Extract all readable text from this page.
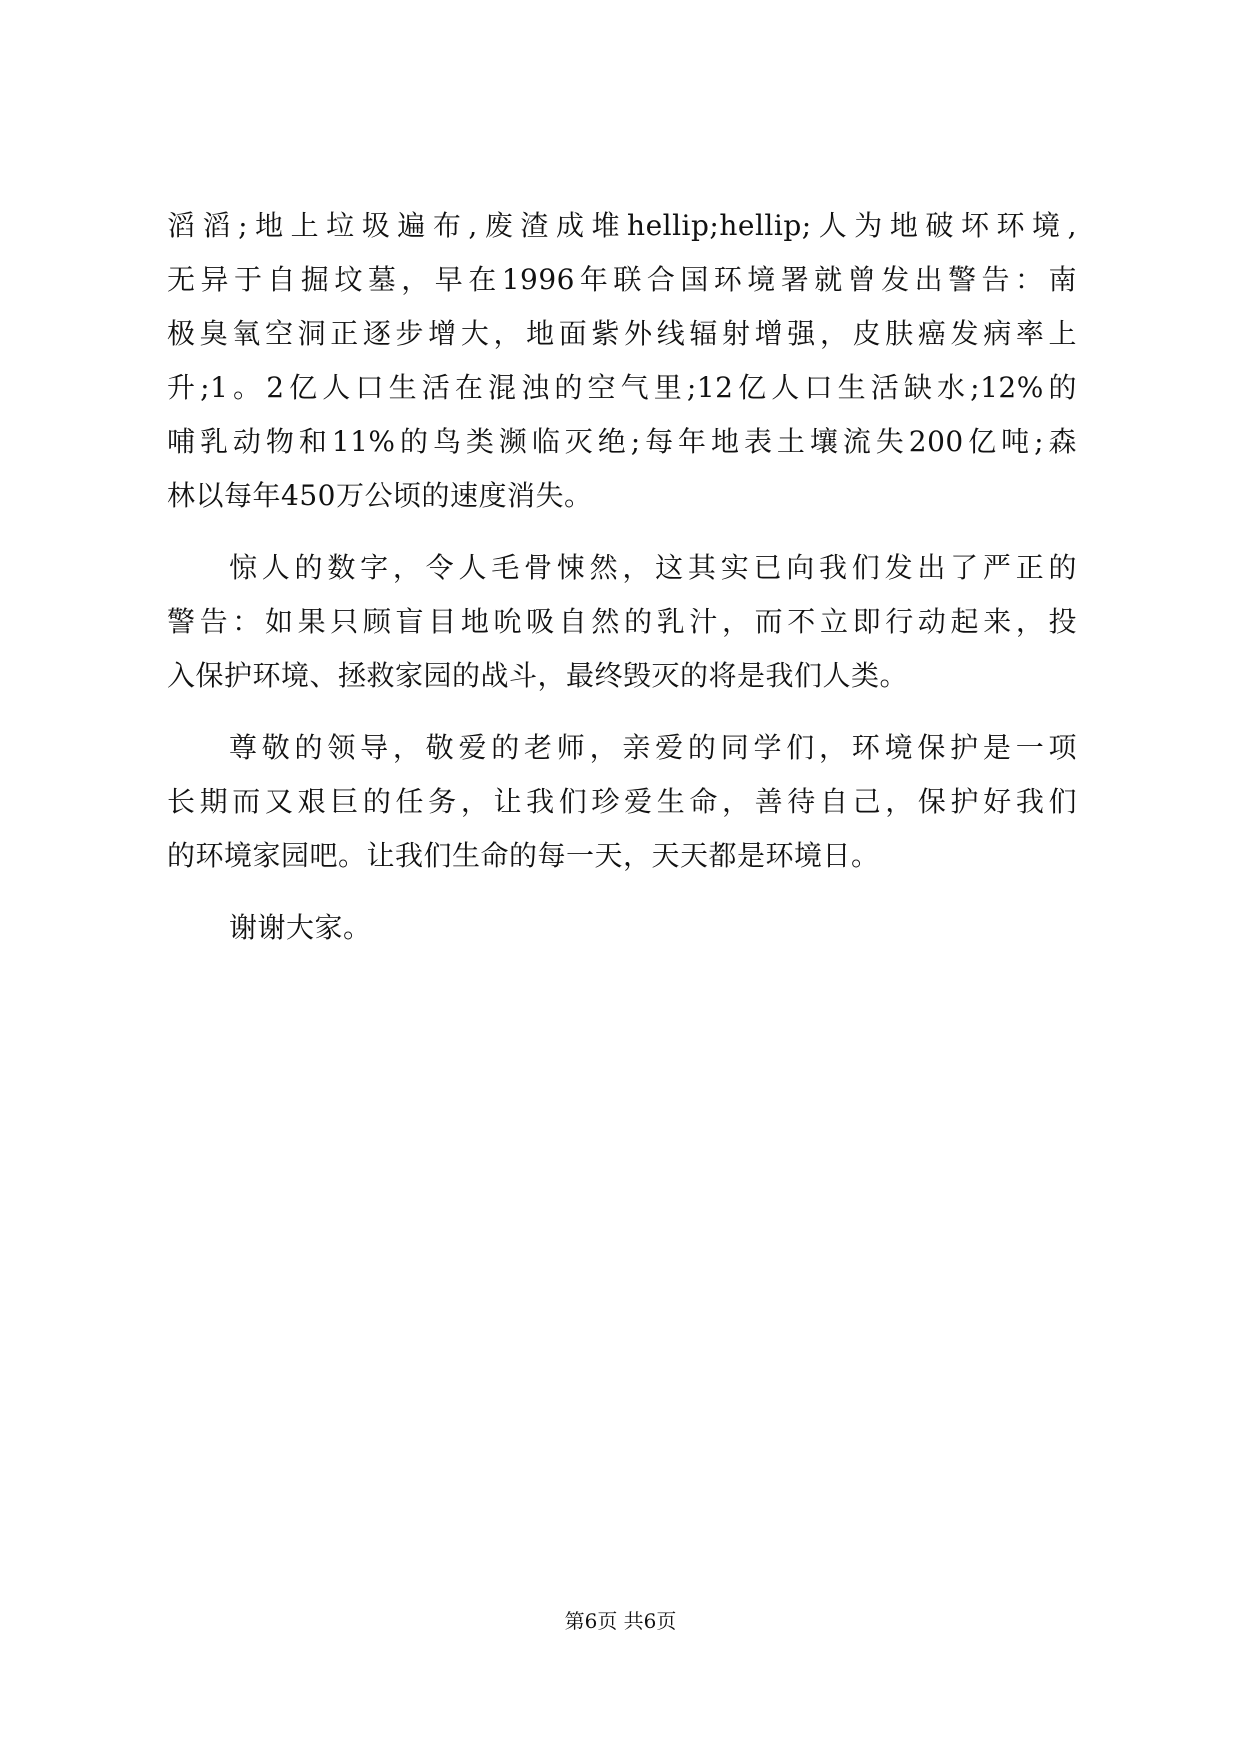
滔滔;地上垃圾遍布,废渣成堆hellip;hellip;人为地破坏环境,
无异于自掘坟墓，早在1996年联合国环境署就曾发出警告：南
极臭氧空洞正逐步增大，地面紫外线辐射增强，皮肤癌发病率上
升;1。2亿人口生活在混浊的空气里;12亿人口生活缺水;12%的
哺乳动物和11%的鸟类濒临灭绝;每年地表土壤流失200亿吨;森
林以每年450万公顷的速度消失。
惊人的数字，令人毛骨悚然，这其实已向我们发出了严正的
警告：如果只顾盲目地吮吸自然的乳汁，而不立即行动起来，投
入保护环境、拯救家园的战斗，最终毁灭的将是我们人类。
尊敬的领导，敬爱的老师，亲爱的同学们，环境保护是一项
长期而又艰巨的任务，让我们珍爱生命，善待自己，保护好我们
的环境家园吧。让我们生命的每一天，天天都是环境日。
谢谢大家。
第6页 共6页
